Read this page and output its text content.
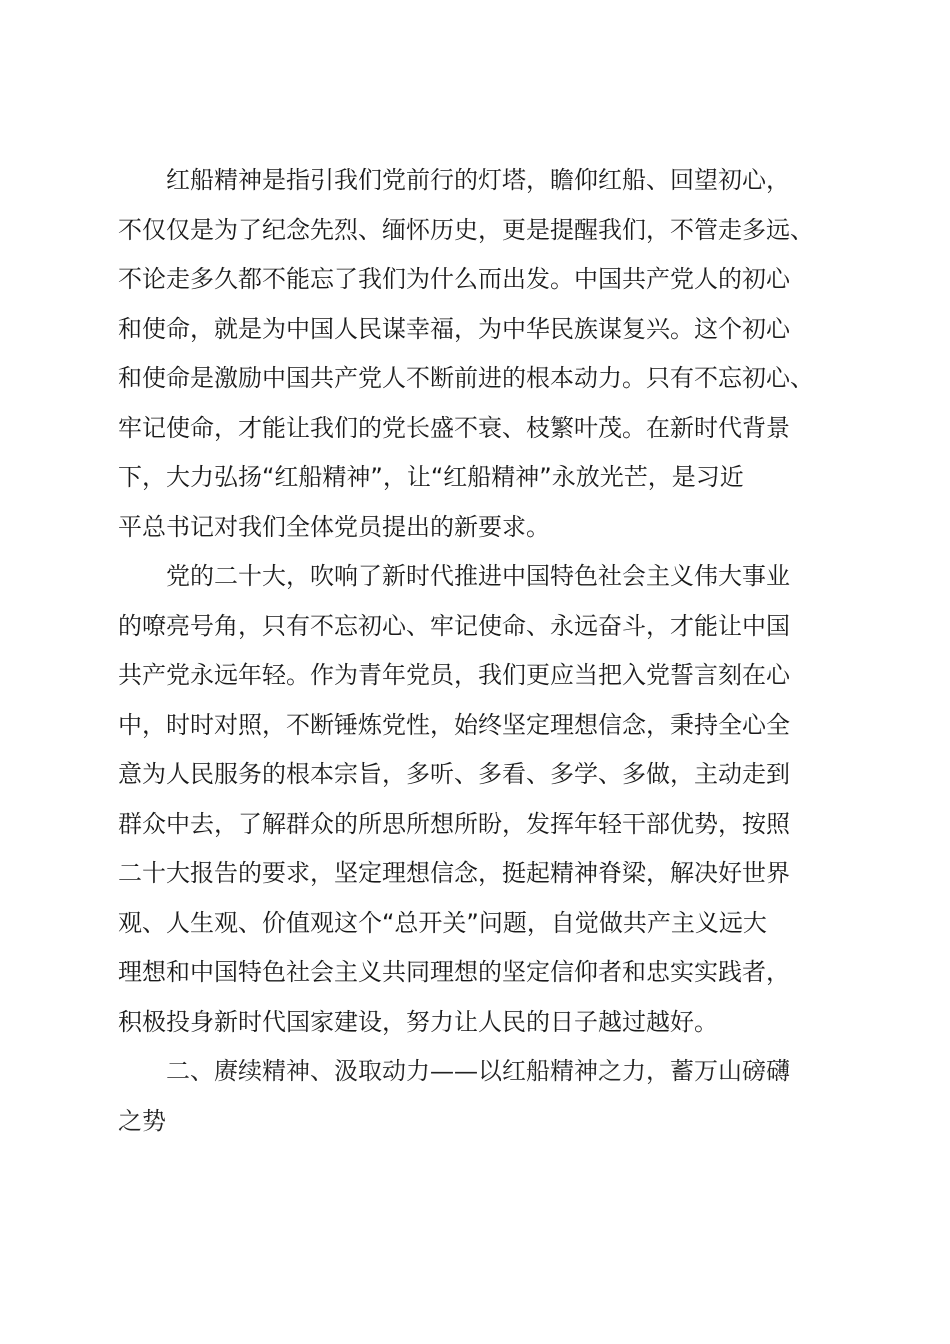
红船精神是指引我们党前行的灯塔，瞻仰红船、回望初心，
不仅仅是为了纪念先烈、缅怀历史，更是提醒我们，不管走多远、
不论走多久都不能忘了我们为什么而出发。中国共产党人的初心
和使命，就是为中国人民谋幸福，为中华民族谋复兴。这个初心
和使命是激励中国共产党人不断前进的根本动力。只有不忘初心、
牢记使命，才能让我们的党长盛不衰、枝繁叶茂。在新时代背景
下，大力弘扬“红船精神”，让“红船精神”永放光芒，是习近
平总书记对我们全体党员提出的新要求。
党的二十大，吹响了新时代推进中国特色社会主义伟大事业
的嘹亮号角，只有不忘初心、牢记使命、永远奋斗，才能让中国
共产党永远年轻。作为青年党员，我们更应当把入党誓言刻在心
中，时时对照，不断锤炼党性，始终坚定理想信念，秉持全心全
意为人民服务的根本宗旨，多听、多看、多学、多做，主动走到
群众中去，了解群众的所思所想所盼，发挥年轻干部优势，按照
二十大报告的要求，坚定理想信念，挺起精神脊梁，解决好世界
观、人生观、价值观这个“总开关”问题，自觉做共产主义远大
理想和中国特色社会主义共同理想的坚定信仰者和忠实实践者，
积极投身新时代国家建设，努力让人民的日子越过越好。
二、赓续精神、汲取动力——以红船精神之力，蓄万山磅礴
之势
